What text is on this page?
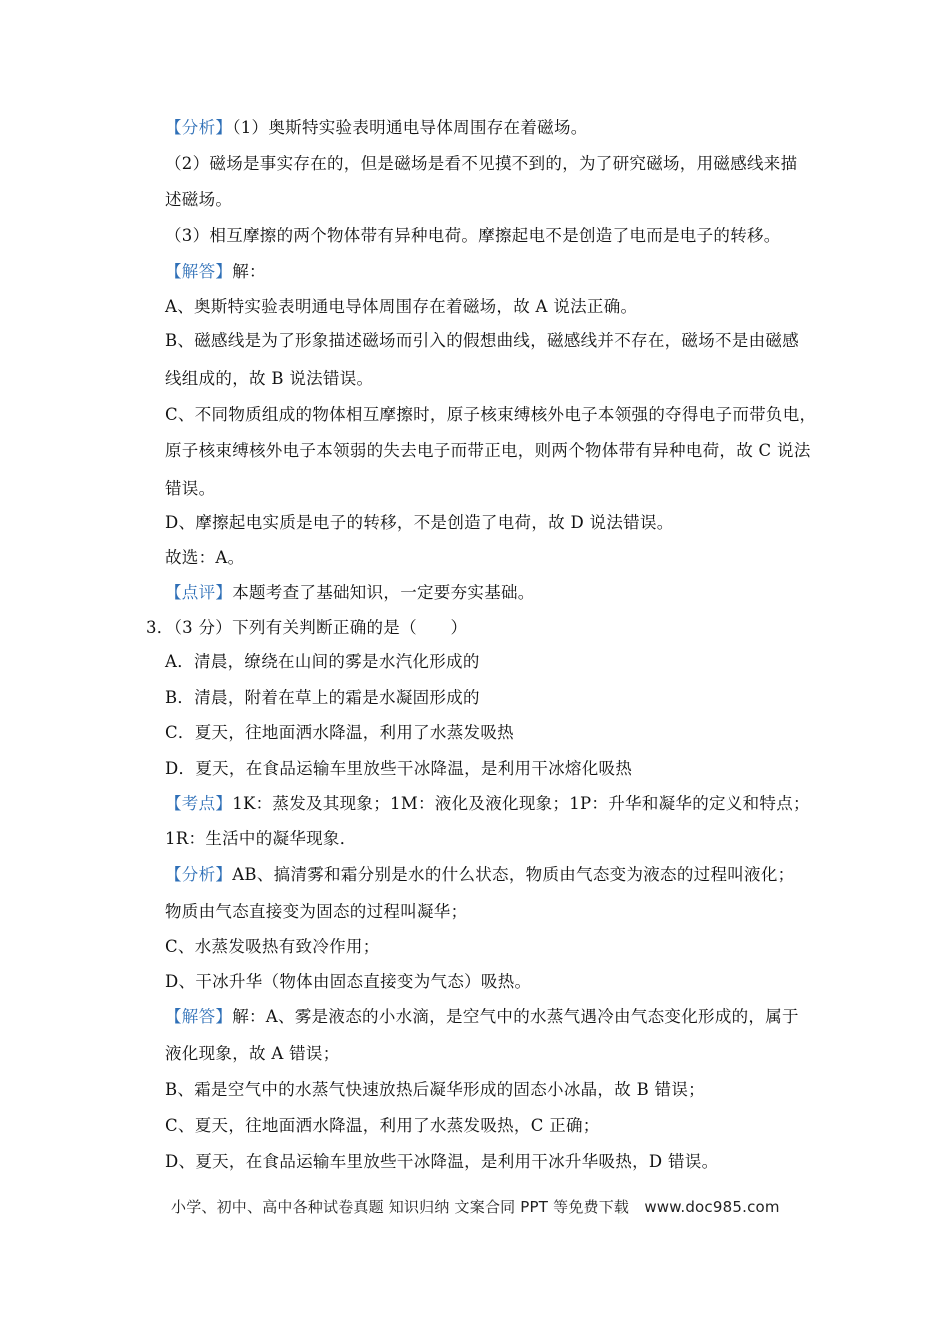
【分析】（1）奥斯特实验表明通电导体周围存在着磁场。
（2）磁场是事实存在的，但是磁场是看不见摸不到的，为了研究磁场，用磁感线来描
述磁场。
（3）相互摩擦的两个物体带有异种电荷。摩擦起电不是创造了电而是电子的转移。
【解答】解：
A、奥斯特实验表明通电导体周围存在着磁场，故 A 说法正确。
B、磁感线是为了形象描述磁场而引入的假想曲线，磁感线并不存在，磁场不是由磁感
线组成的，故 B 说法错误。
C、不同物质组成的物体相互摩擦时，原子核束缚核外电子本领强的夺得电子而带负电，
原子核束缚核外电子本领弱的失去电子而带正电，则两个物体带有异种电荷，故 C 说法
错误。
D、摩擦起电实质是电子的转移，不是创造了电荷，故 D 说法错误。
故选：A。
【点评】本题考查了基础知识，一定要夯实基础。
3．（3 分）下列有关判断正确的是（　　）
A．清晨，缭绕在山间的雾是水汽化形成的
B．清晨，附着在草上的霜是水凝固形成的
C．夏天，往地面洒水降温，利用了水蒸发吸热
D．夏天，在食品运输车里放些干冰降温，是利用干冰熔化吸热
【考点】1K：蒸发及其现象；1M：液化及液化现象；1P：升华和凝华的定义和特点；
1R：生活中的凝华现象．
【分析】AB、搞清雾和霜分别是水的什么状态，物质由气态变为液态的过程叫液化；
物质由气态直接变为固态的过程叫凝华；
C、水蒸发吸热有致冷作用；
D、干冰升华（物体由固态直接变为气态）吸热。
【解答】解：A、雾是液态的小水滴，是空气中的水蒸气遇冷由气态变化形成的，属于
液化现象，故 A 错误；
B、霜是空气中的水蒸气快速放热后凝华形成的固态小冰晶，故 B 错误；
C、夏天，往地面洒水降温，利用了水蒸发吸热，C 正确；
D、夏天，在食品运输车里放些干冰降温，是利用干冰升华吸热，D 错误。
小学、初中、高中各种试卷真题 知识归纳 文案合同 PPT 等免费下载　www.doc985.com
